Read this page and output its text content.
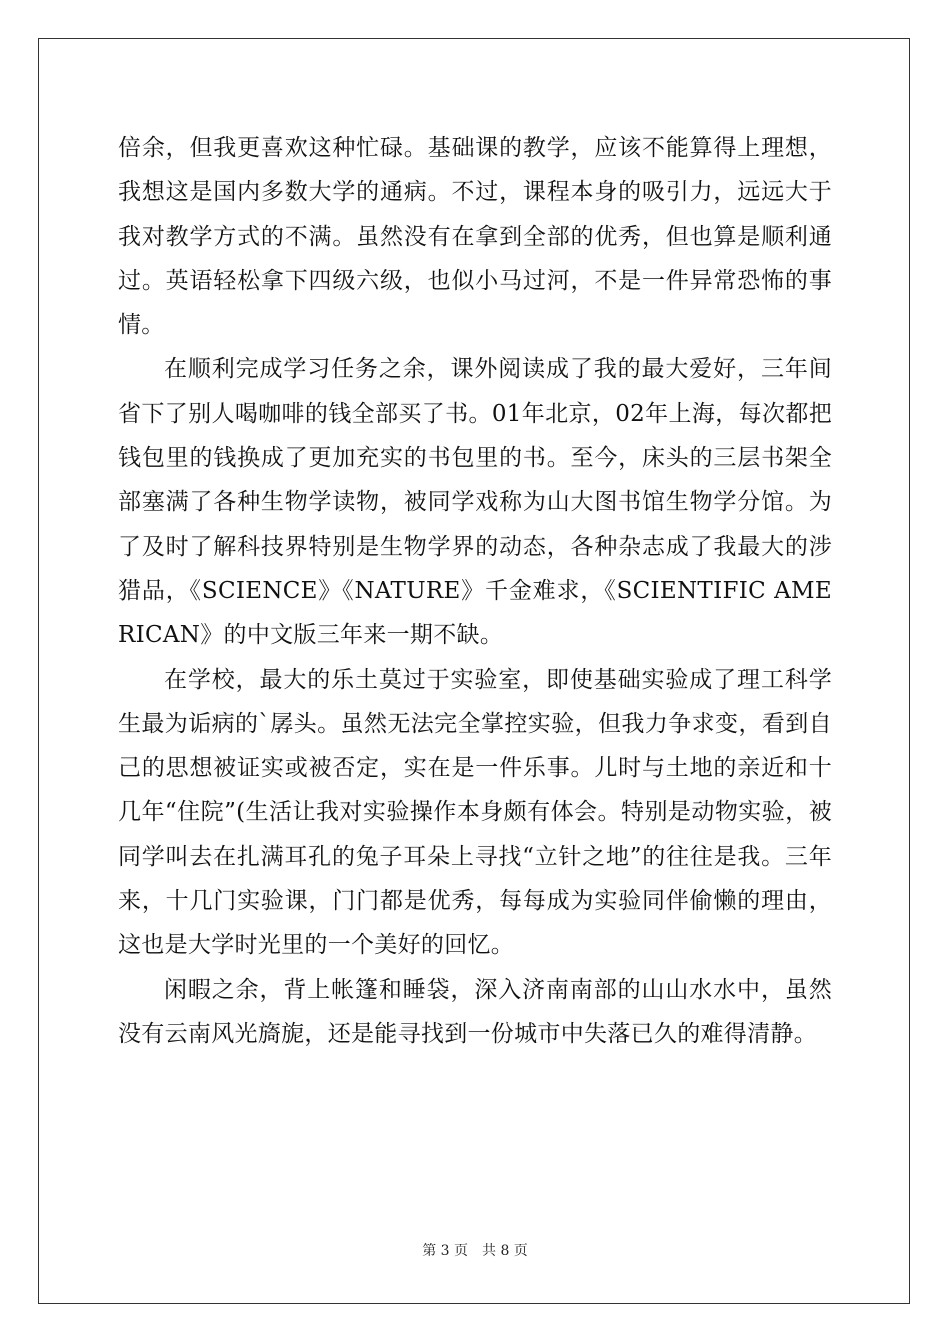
倍余，但我更喜欢这种忙碌。基础课的教学，应该不能算得上理想，我想这是国内多数大学的通病。不过，课程本身的吸引力，远远大于我对教学方式的不满。虽然没有在拿到全部的优秀，但也算是顺利通过。英语轻松拿下四级六级，也似小马过河，不是一件异常恐怖的事情。

在顺利完成学习任务之余，课外阅读成了我的最大爱好，三年间省下了别人喝咖啡的钱全部买了书。01年北京，02年上海，每次都把钱包里的钱换成了更加充实的书包里的书。至今，床头的三层书架全部塞满了各种生物学读物，被同学戏称为山大图书馆生物学分馆。为了及时了解科技界特别是生物学界的动态，各种杂志成了我最大的涉猎品，《SCIENCE》《NATURE》千金难求，《SCIENTIFIC AMERICAN》的中文版三年来一期不缺。

在学校，最大的乐土莫过于实验室，即使基础实验成了理工科学生最为诟病的`孱头。虽然无法完全掌控实验，但我力争求变，看到自己的思想被证实或被否定，实在是一件乐事。儿时与土地的亲近和十几年“住院”(生活让我对实验操作本身颇有体会。特别是动物实验，被同学叫去在扎满耳孔的兔子耳朵上寻找“立针之地”的往往是我。三年来，十几门实验课，门门都是优秀，每每成为实验同伴偷懒的理由，这也是大学时光里的一个美好的回忆。

闲暇之余，背上帐篷和睡袋，深入济南南部的山山水水中，虽然没有云南风光旖旎，还是能寻找到一份城市中失落已久的难得清静。

第 3 页　共 8 页
